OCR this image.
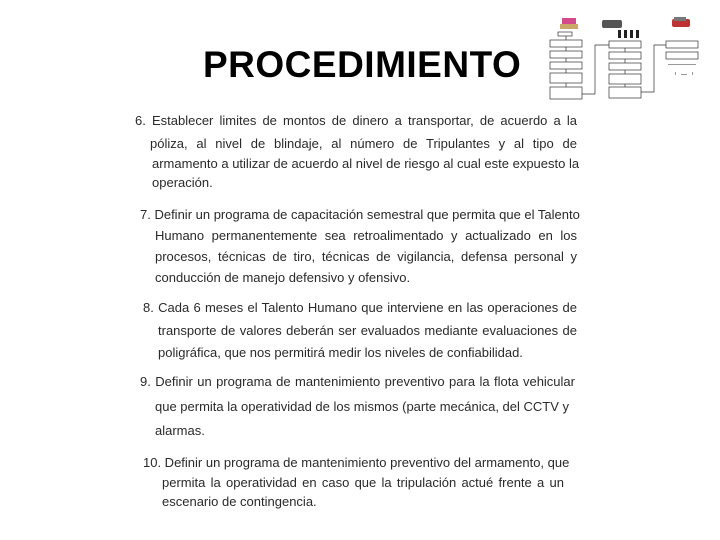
PROCEDIMIENTO
6. Establecer limites de montos de dinero a transportar, de acuerdo a la
póliza, al nivel de blindaje, al número de Tripulantes y al tipo de
armamento a utilizar de acuerdo al nivel de riesgo al cual este expuesto la
operación.
7. Definir un programa de capacitación semestral que permita que el Talento
Humano permanentemente sea retroalimentado y actualizado en los
procesos, técnicas de tiro, técnicas de vigilancia, defensa personal y
conducción de manejo defensivo y ofensivo.
8. Cada 6 meses el Talento Humano que interviene en las operaciones de
transporte de valores deberán ser evaluados mediante evaluaciones de
poligráfica, que nos permitirá medir los niveles de confiabilidad.
9. Definir un programa de mantenimiento preventivo para la flota vehicular
que permita la operatividad de los mismos (parte mecánica, del CCTV y
alarmas.
10. Definir un programa de mantenimiento preventivo del armamento, que
permita la operatividad en caso que la tripulación actué frente a un
escenario de contingencia.
